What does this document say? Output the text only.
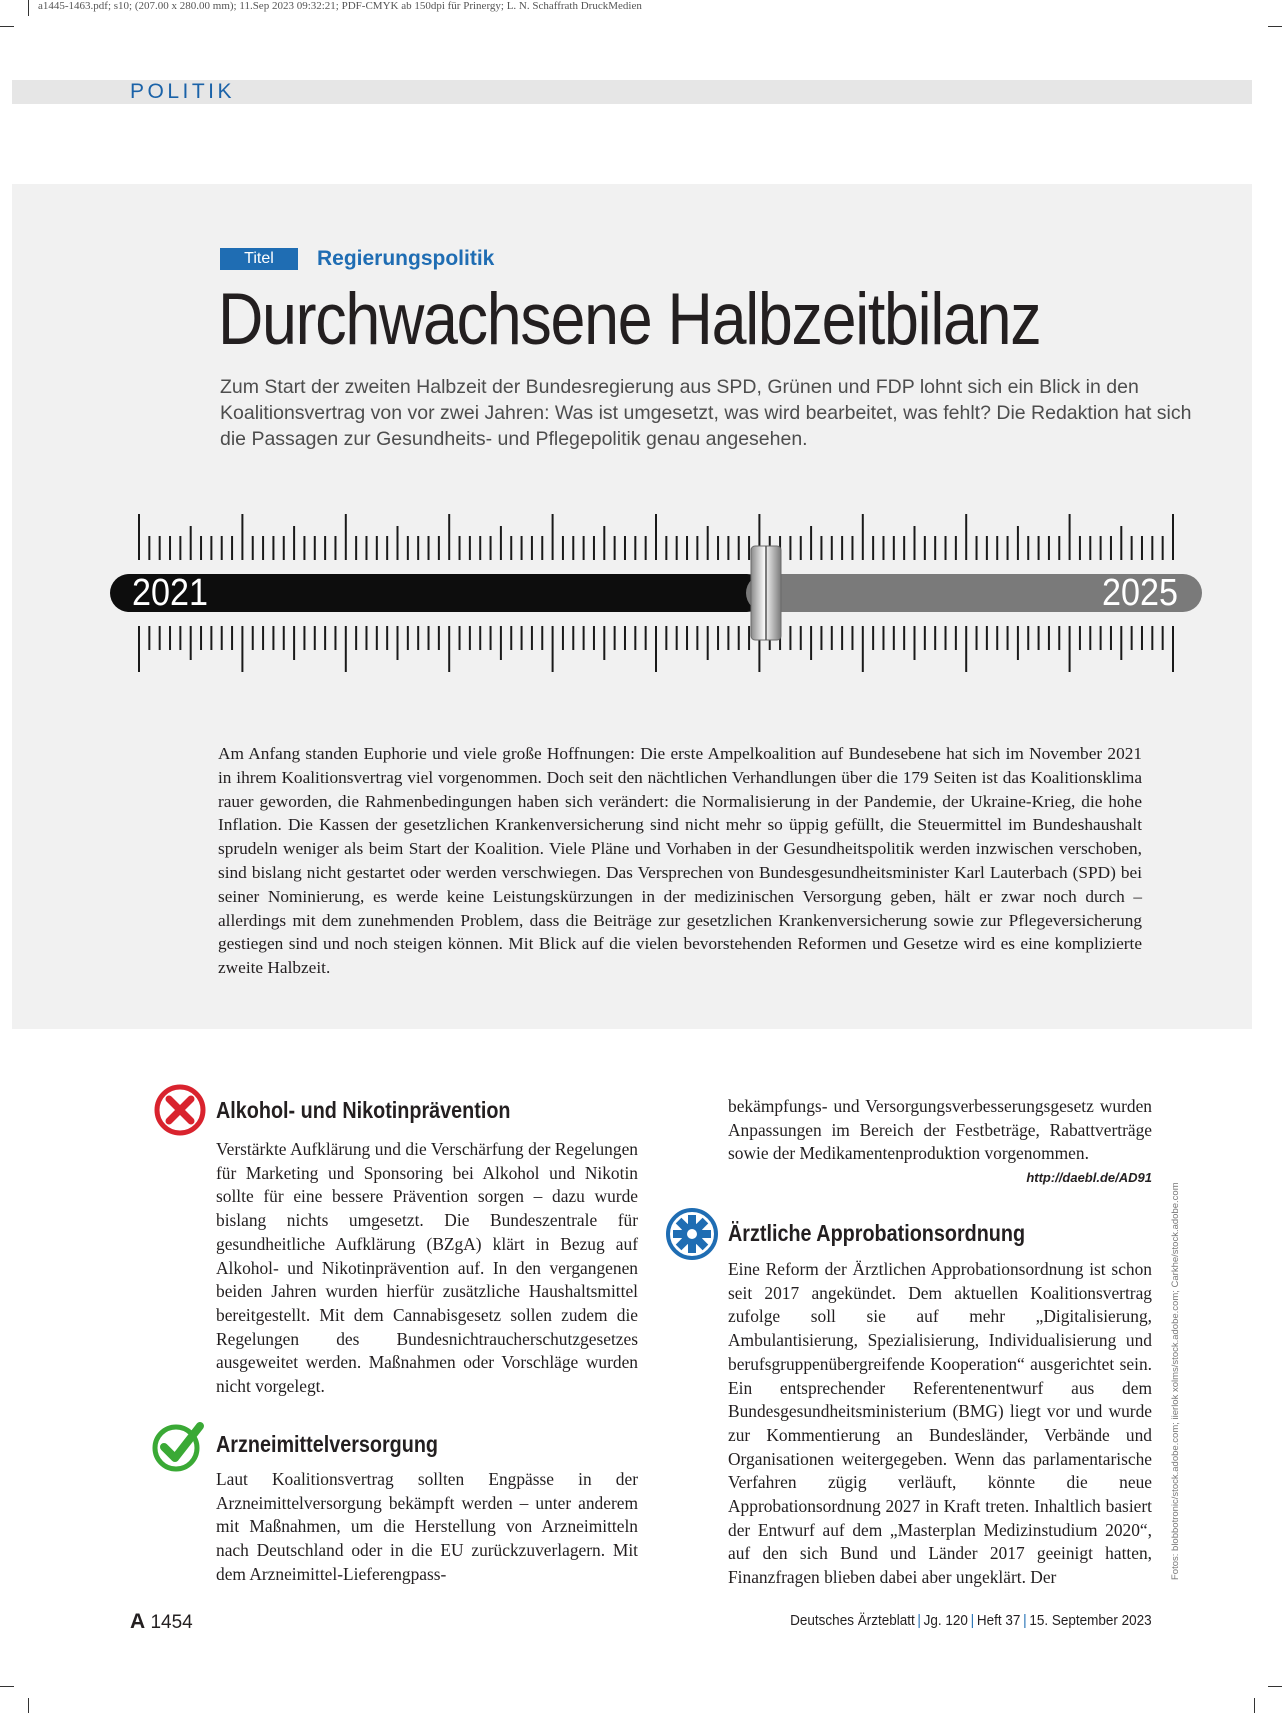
a1445-1463.pdf; s10; (207.00 x 280.00 mm); 11.Sep 2023 09:32:21; PDF-CMYK ab 150dpi für Prinergy; L. N. Schaffrath DruckMedien
POLITIK
Titel	Regierungspolitik
Durchwachsene Halbzeitbilanz
Zum Start der zweiten Halbzeit der Bundesregierung aus SPD, Grünen und FDP lohnt sich ein Blick in den Koalitionsvertrag von vor zwei Jahren: Was ist umgesetzt, was wird bearbeitet, was fehlt? Die Redaktion hat sich die Passagen zur Gesundheits- und Pflegepolitik genau angesehen.
2021	2025
Am Anfang standen Euphorie und viele große Hoffnungen: Die erste Ampelkoalition auf Bundesebene hat sich im November 2021 in ihrem Koalitionsvertrag viel vorgenommen. Doch seit den nächtlichen Verhandlungen über die 179 Seiten ist das Koalitionsklima rauer geworden, die Rahmenbedingungen haben sich verändert: die Normalisierung in der Pandemie, der Ukraine-Krieg, die hohe Inflation. Die Kassen der gesetzlichen Krankenversicherung sind nicht mehr so üppig gefüllt, die Steuermittel im Bundeshaushalt sprudeln weniger als beim Start der Koalition. Viele Pläne und Vorhaben in der Gesundheitspolitik werden inzwischen verschoben, sind bislang nicht gestartet oder werden verschwiegen. Das Versprechen von Bundesgesundheitsminister Karl Lauterbach (SPD) bei seiner Nominierung, es werde keine Leistungskürzungen in der medizinischen Versorgung geben, hält er zwar noch durch – allerdings mit dem zunehmenden Problem, dass die Beiträge zur gesetzlichen Krankenversicherung sowie zur Pflegeversicherung gestiegen sind und noch steigen können. Mit Blick auf die vielen bevorstehenden Reformen und Gesetze wird es eine komplizierte zweite Halbzeit.
Alkohol- und Nikotinprävention
Verstärkte Aufklärung und die Verschärfung der Regelungen für Marketing und Sponsoring bei Alkohol und Nikotin sollte für eine bessere Prävention sorgen – dazu wurde bislang nichts umgesetzt. Die Bundeszentrale für gesundheitliche Aufklärung (BZgA) klärt in Bezug auf Alkohol- und Nikotinprävention auf. In den vergangenen beiden Jahren wurden hierfür zusätzliche Haushaltsmittel bereitgestellt. Mit dem Cannabisgesetz sollen zudem die Regelungen des Bundesnichtraucherschutzgesetzes ausgeweitet werden. Maßnahmen oder Vorschläge wurden nicht vorgelegt.
Arzneimittelversorgung
Laut Koalitionsvertrag sollten Engpässe in der Arzneimittelversorgung bekämpft werden – unter anderem mit Maßnahmen, um die Herstellung von Arzneimitteln nach Deutschland oder in die EU zurückzuverlagern. Mit dem Arzneimittel-Lieferengpass-
bekämpfungs- und Versorgungsverbesserungsgesetz wurden Anpassungen im Bereich der Festbeträge, Rabattverträge sowie der Medikamentenproduktion vorgenommen.
http://daebl.de/AD91
Ärztliche Approbationsordnung
Eine Reform der Ärztlichen Approbationsordnung ist schon seit 2017 angekündet. Dem aktuellen Koalitionsvertrag zufolge soll sie auf mehr „Digitalisierung, Ambulantisierung, Spezialisierung, Individualisierung und berufsgruppenübergreifende Kooperation“ ausgerichtet sein. Ein entsprechender Referentenentwurf aus dem Bundesgesundheitsministerium (BMG) liegt vor und wurde zur Kommentierung an Bundesländer, Verbände und Organisationen weitergegeben. Wenn das parlamentarische Verfahren zügig verläuft, könnte die neue Approbationsordnung 2027 in Kraft treten. Inhaltlich basiert der Entwurf auf dem „Masterplan Medizinstudium 2020“, auf den sich Bund und Länder 2017 geeinigt hatten, Finanzfragen blieben dabei aber ungeklärt. Der	Fotos: blobbotronic/stock.adobe.com; iierlok xolms/stock.adobe.com; Carkhe/stock.adobe.com
A 1454	Deutsches Ärzteblatt | Jg. 120 | Heft 37 | 15. September 2023
